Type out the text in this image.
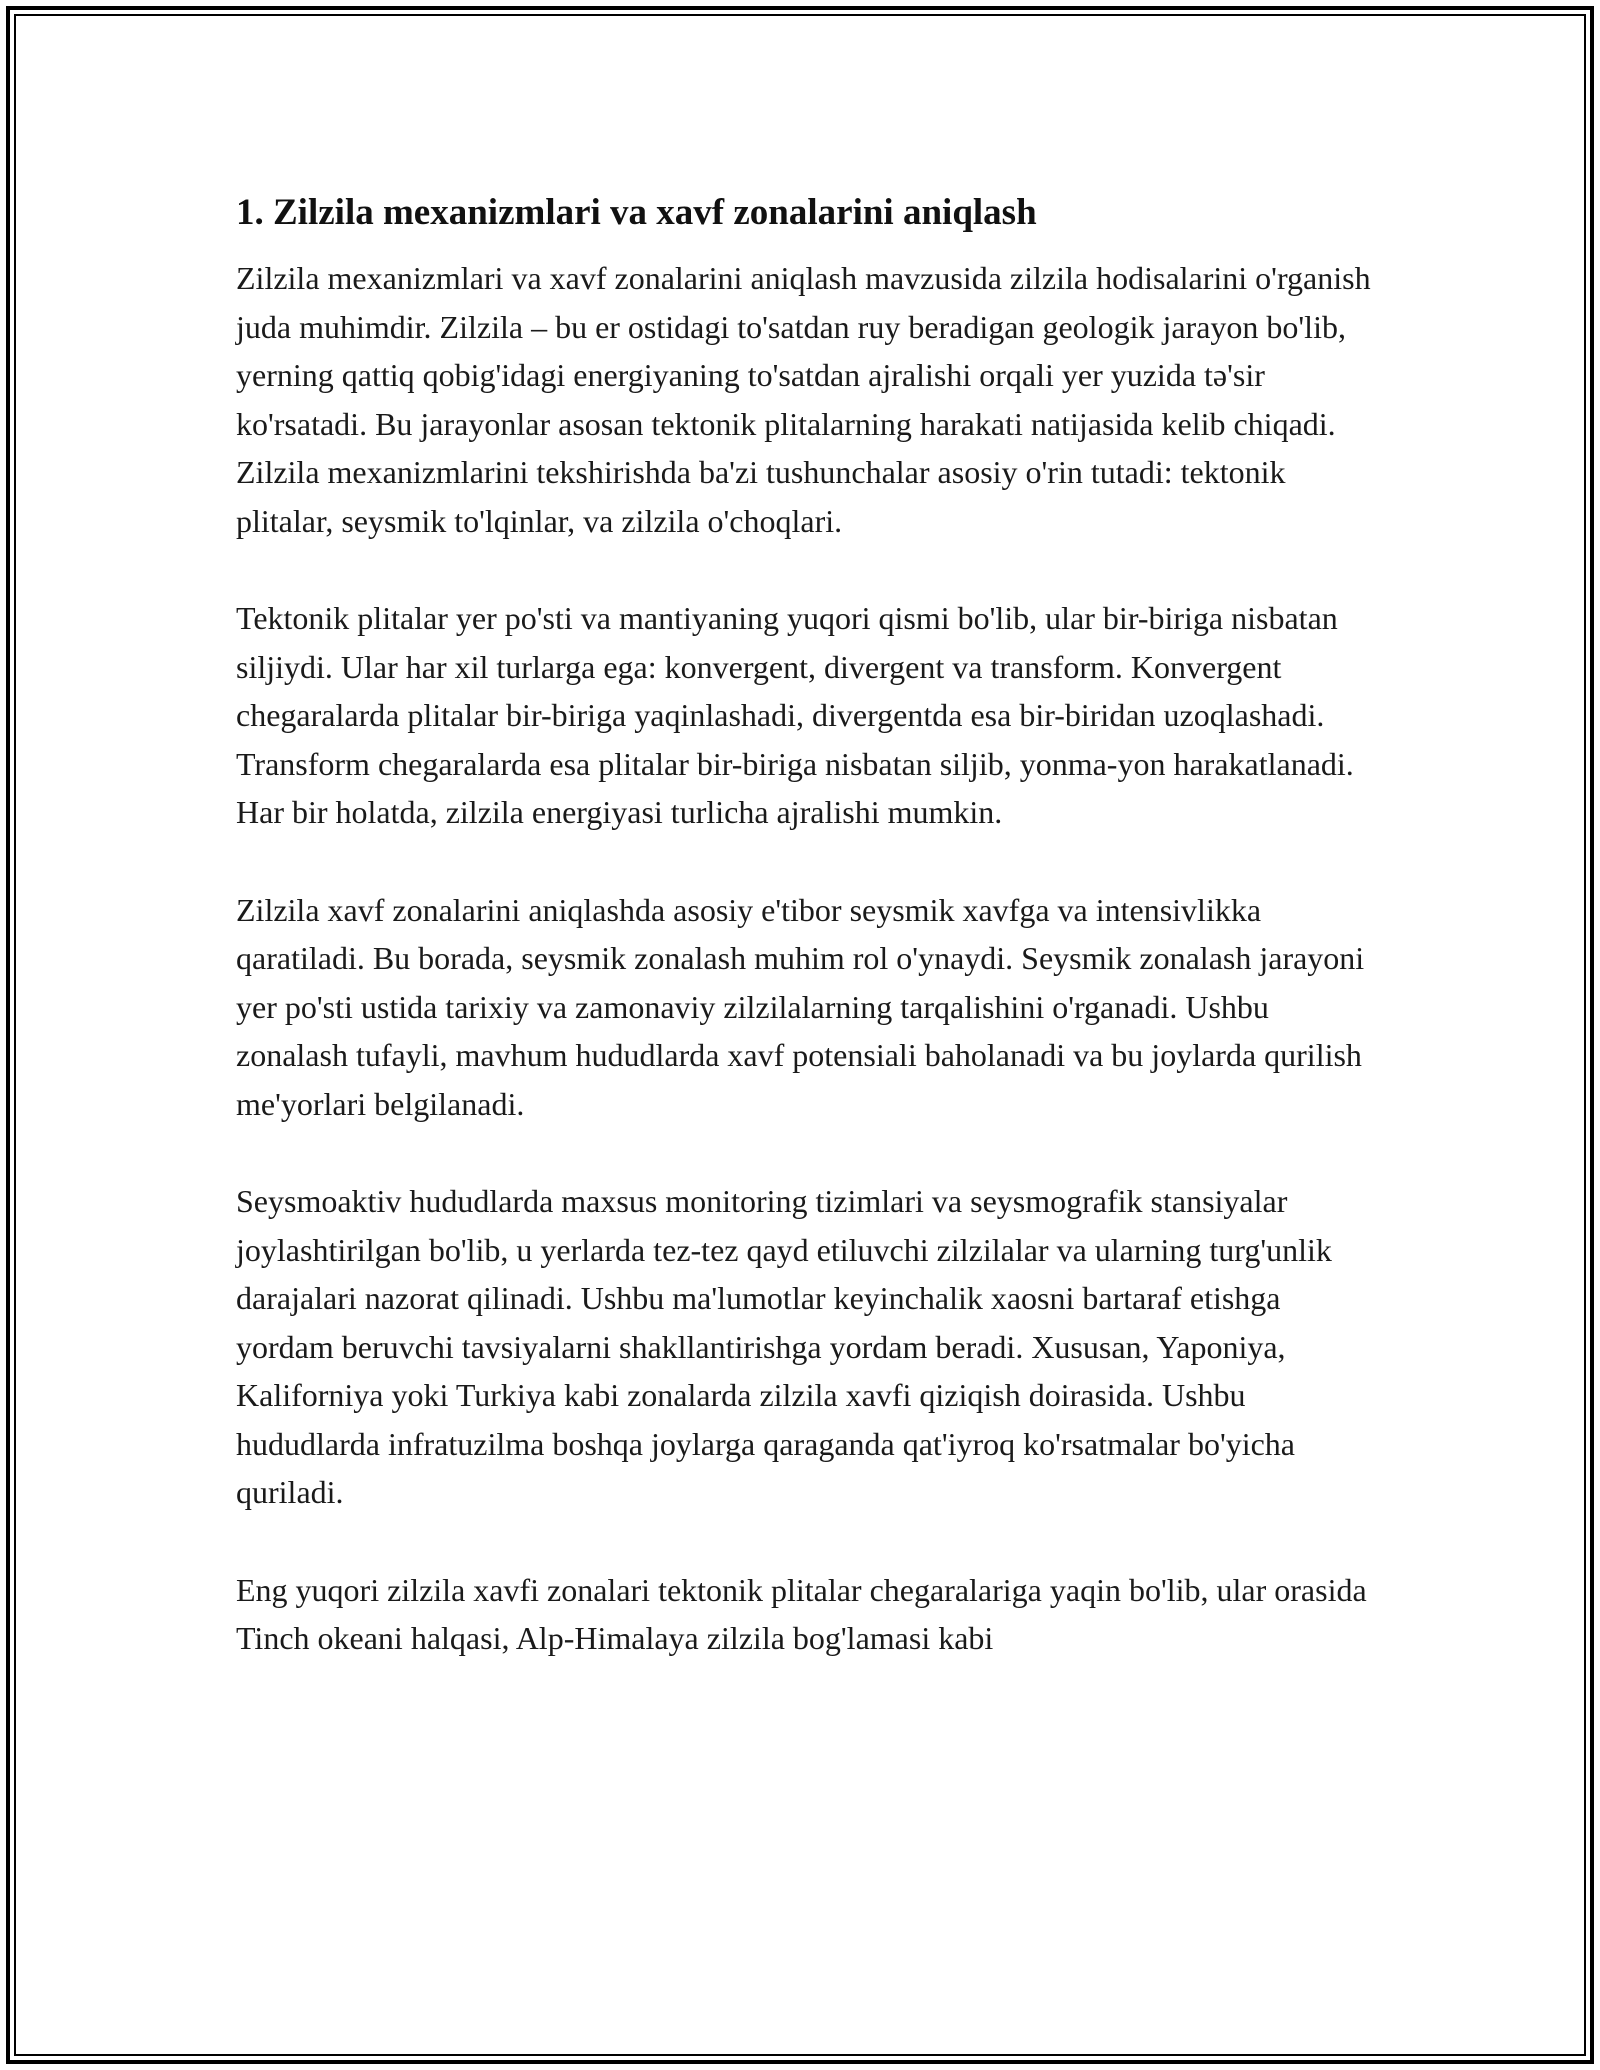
1. Zilzila mexanizmlari va xavf zonalarini aniqlash

Zilzila mexanizmlari va xavf zonalarini aniqlash mavzusida zilzila hodisalarini o'rganish juda muhimdir. Zilzila – bu er ostidagi to'satdan ruy beradigan geologik jarayon bo'lib, yerning qattiq qobig'idagi energiyaning to'satdan ajralishi orqali yer yuzida tə'sir ko'rsatadi. Bu jarayonlar asosan tektonik plitalarning harakati natijasida kelib chiqadi. Zilzila mexanizmlarini tekshirishda ba'zi tushunchalar asosiy o'rin tutadi: tektonik plitalar, seysmik to'lqinlar, va zilzila o'choqlari.

Tektonik plitalar yer po'sti va mantiyaning yuqori qismi bo'lib, ular bir-biriga nisbatan siljiydi. Ular har xil turlarga ega: konvergent, divergent va transform. Konvergent chegaralarda plitalar bir-biriga yaqinlashadi, divergentda esa bir-biridan uzoqlashadi. Transform chegaralarda esa plitalar bir-biriga nisbatan siljib, yonma-yon harakatlanadi. Har bir holatda, zilzila energiyasi turlicha ajralishi mumkin.

Zilzila xavf zonalarini aniqlashda asosiy e'tibor seysmik xavfga va intensivlikka qaratiladi. Bu borada, seysmik zonalash muhim rol o'ynaydi. Seysmik zonalash jarayoni yer po'sti ustida tarixiy va zamonaviy zilzilalarning tarqalishini o'rganadi. Ushbu zonalash tufayli, mavhum hududlarda xavf potensiali baholanadi va bu joylarda qurilish me'yorlari belgilanadi.

Seysmoaktiv hududlarda maxsus monitoring tizimlari va seysmografik stansiyalar joylashtirilgan bo'lib, u yerlarda tez-tez qayd etiluvchi zilzilalar va ularning turg'unlik darajalari nazorat qilinadi. Ushbu ma'lumotlar keyinchalik xaosni bartaraf etishga yordam beruvchi tavsiyalarni shakllantirishga yordam beradi. Xususan, Yaponiya, Kaliforniya yoki Turkiya kabi zonalarda zilzila xavfi qiziqish doirasida. Ushbu hududlarda infratuzilma boshqa joylarga qaraganda qat'iyroq ko'rsatmalar bo'yicha quriladi.

Eng yuqori zilzila xavfi zonalari tektonik plitalar chegaralariga yaqin bo'lib, ular orasida Tinch okeani halqasi, Alp-Himalaya zilzila bog'lamasi kabi
